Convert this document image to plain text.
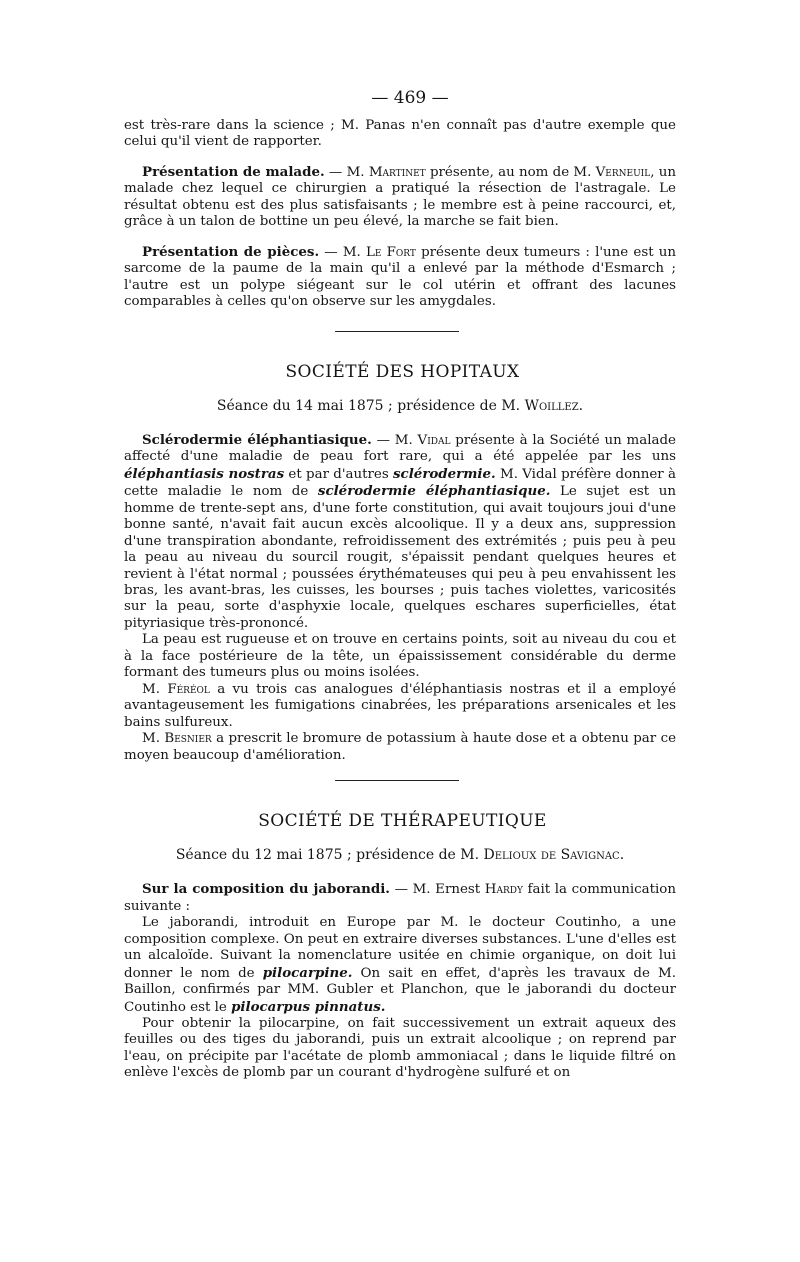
— 469 —

est très-rare dans la science ; M. Panas n'en connaît pas d'autre exemple que celui qu'il vient de rapporter.

Présentation de malade. — M. Martinet présente, au nom de M. Verneuil, un malade chez lequel ce chirurgien a pratiqué la résection de l'astragale. Le résultat obtenu est des plus satisfaisants ; le membre est à peine raccourci, et, grâce à un talon de bottine un peu élevé, la marche se fait bien.

Présentation de pièces. — M. Le Fort présente deux tumeurs : l'une est un sarcome de la paume de la main qu'il a enlevé par la méthode d'Esmarch ; l'autre est un polype siégeant sur le col utérin et offrant des lacunes comparables à celles qu'on observe sur les amygdales.

SOCIÉTÉ DES HOPITAUX
Séance du 14 mai 1875 ; présidence de M. Woillez.

Sclérodermie éléphantiasique. — M. Vidal présente à la Société un malade affecté d'une maladie de peau fort rare, qui a été appelée par les uns éléphantiasis nostras et par d'autres sclérodermie. M. Vidal préfère donner à cette maladie le nom de sclérodermie éléphantiasique. Le sujet est un homme de trente-sept ans, d'une forte constitution, qui avait toujours joui d'une bonne santé, n'avait fait aucun excès alcoolique. Il y a deux ans, suppression d'une transpiration abondante, refroidissement des extrémités ; puis peu à peu la peau au niveau du sourcil rougit, s'épaissit pendant quelques heures et revient à l'état normal ; poussées érythémateuses qui peu à peu envahissent les bras, les avant-bras, les cuisses, les bourses ; puis taches violettes, varicosités sur la peau, sorte d'asphyxie locale, quelques eschares superficielles, état pityriasique très-prononcé.

La peau est rugueuse et on trouve en certains points, soit au niveau du cou et à la face postérieure de la tête, un épaississement considérable du derme formant des tumeurs plus ou moins isolées.

M. Féréol a vu trois cas analogues d'éléphantiasis nostras et il a employé avantageusement les fumigations cinabrées, les préparations arsenicales et les bains sulfureux.

M. Besnier a prescrit le bromure de potassium à haute dose et a obtenu par ce moyen beaucoup d'amélioration.

SOCIÉTÉ DE THÉRAPEUTIQUE
Séance du 12 mai 1875 ; présidence de M. Delioux de Savignac.

Sur la composition du jaborandi. — M. Ernest Hardy fait la communication suivante :

Le jaborandi, introduit en Europe par M. le docteur Coutinho, a une composition complexe. On peut en extraire diverses substances. L'une d'elles est un alcaloïde. Suivant la nomenclature usitée en chimie organique, on doit lui donner le nom de pilocarpine. On sait en effet, d'après les travaux de M. Baillon, confirmés par MM. Gubler et Planchon, que le jaborandi du docteur Coutinho est le pilocarpus pinnatus.

Pour obtenir la pilocarpine, on fait successivement un extrait aqueux des feuilles ou des tiges du jaborandi, puis un extrait alcoolique ; on reprend par l'eau, on précipite par l'acétate de plomb ammoniacal ; dans le liquide filtré on enlève l'excès de plomb par un courant d'hydrogène sulfuré et on
